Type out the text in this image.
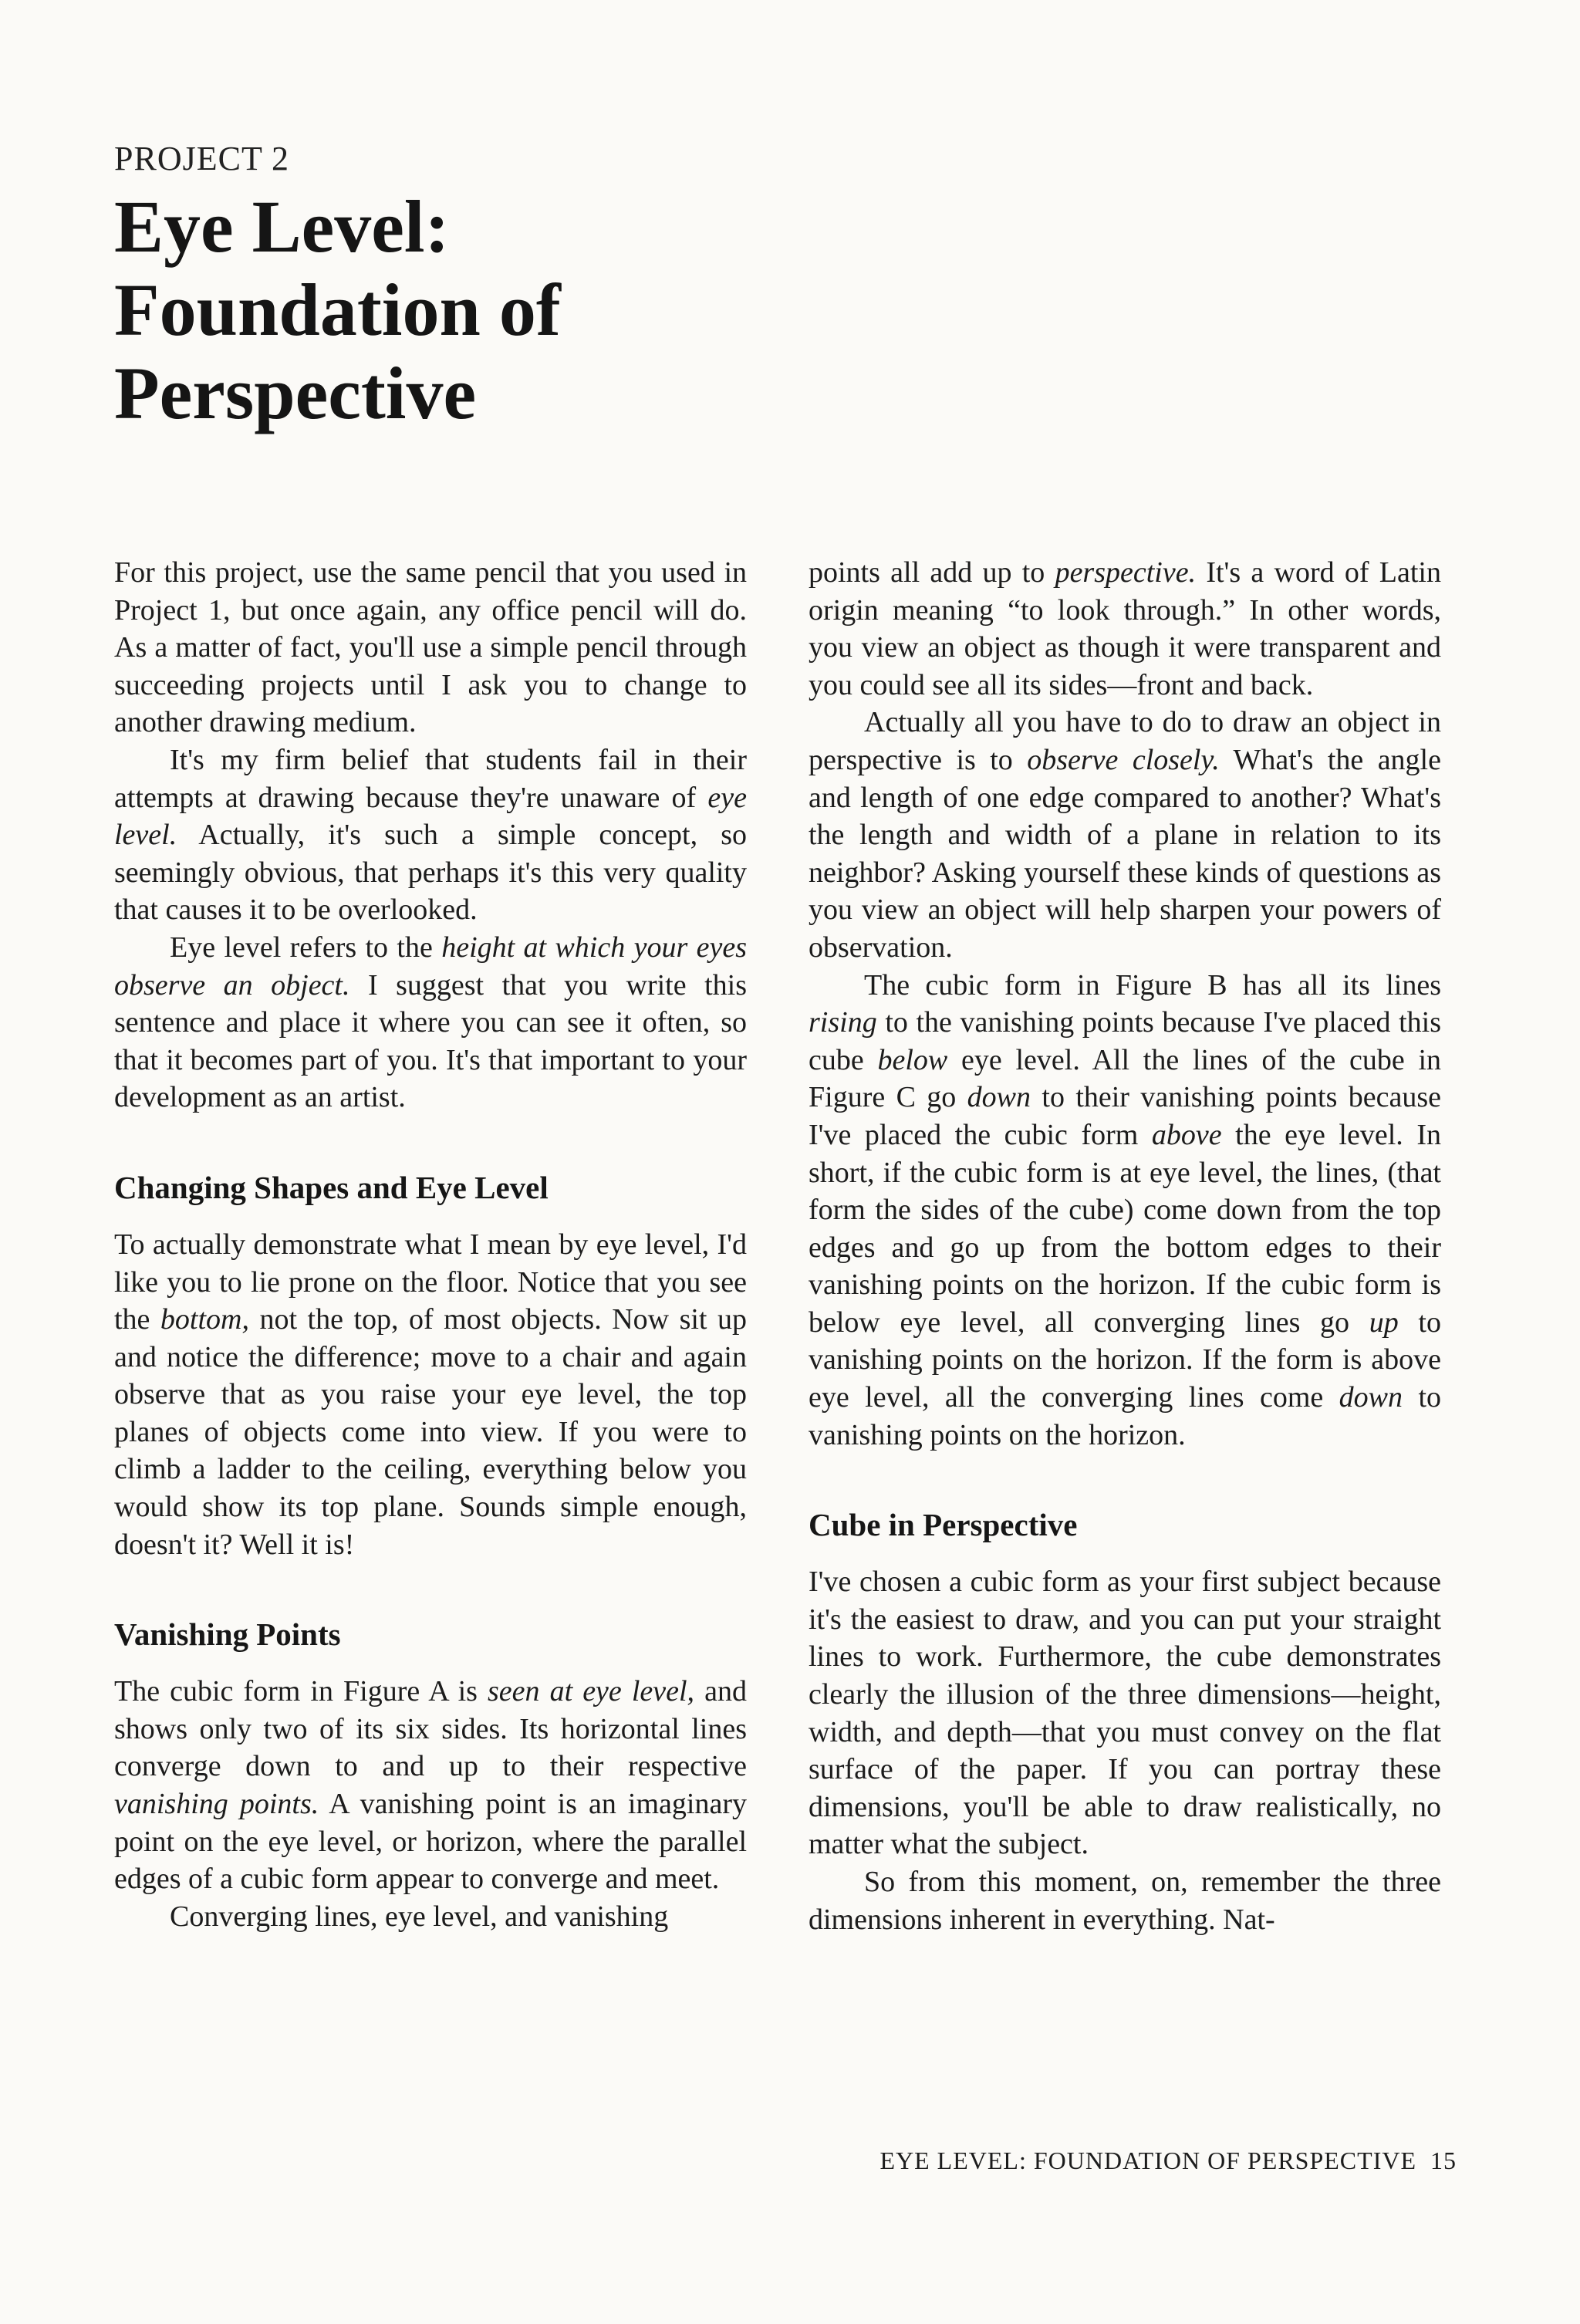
PROJECT 2
Eye Level:
Foundation of
Perspective

For this project, use the same pencil that you used in Project 1, but once again, any office pencil will do. As a matter of fact, you'll use a simple pencil through succeeding projects until I ask you to change to another drawing medium.

It's my firm belief that students fail in their attempts at drawing because they're unaware of eye level. Actually, it's such a simple concept, so seemingly obvious, that perhaps it's this very quality that causes it to be overlooked.

Eye level refers to the height at which your eyes observe an object. I suggest that you write this sentence and place it where you can see it often, so that it becomes part of you. It's that important to your development as an artist.

Changing Shapes and Eye Level

To actually demonstrate what I mean by eye level, I'd like you to lie prone on the floor. Notice that you see the bottom, not the top, of most objects. Now sit up and notice the difference; move to a chair and again observe that as you raise your eye level, the top planes of objects come into view. If you were to climb a ladder to the ceiling, everything below you would show its top plane. Sounds simple enough, doesn't it? Well it is!

Vanishing Points

The cubic form in Figure A is seen at eye level, and shows only two of its six sides. Its horizontal lines converge down to and up to their respective vanishing points. A vanishing point is an imaginary point on the eye level, or horizon, where the parallel edges of a cubic form appear to converge and meet.

Converging lines, eye level, and vanishing

points all add up to perspective. It's a word of Latin origin meaning “to look through.” In other words, you view an object as though it were transparent and you could see all its sides—front and back.

Actually all you have to do to draw an object in perspective is to observe closely. What's the angle and length of one edge compared to another? What's the length and width of a plane in relation to its neighbor? Asking yourself these kinds of questions as you view an object will help sharpen your powers of observation.

The cubic form in Figure B has all its lines rising to the vanishing points because I've placed this cube below eye level. All the lines of the cube in Figure C go down to their vanishing points because I've placed the cubic form above the eye level. In short, if the cubic form is at eye level, the lines, (that form the sides of the cube) come down from the top edges and go up from the bottom edges to their vanishing points on the horizon. If the cubic form is below eye level, all converging lines go up to vanishing points on the horizon. If the form is above eye level, all the converging lines come down to vanishing points on the horizon.

Cube in Perspective

I've chosen a cubic form as your first subject because it's the easiest to draw, and you can put your straight lines to work. Furthermore, the cube demonstrates clearly the illusion of the three dimensions—height, width, and depth—that you must convey on the flat surface of the paper. If you can portray these dimensions, you'll be able to draw realistically, no matter what the subject.

So from this moment, on, remember the three dimensions inherent in everything. Nat-

EYE LEVEL: FOUNDATION OF PERSPECTIVE 15
